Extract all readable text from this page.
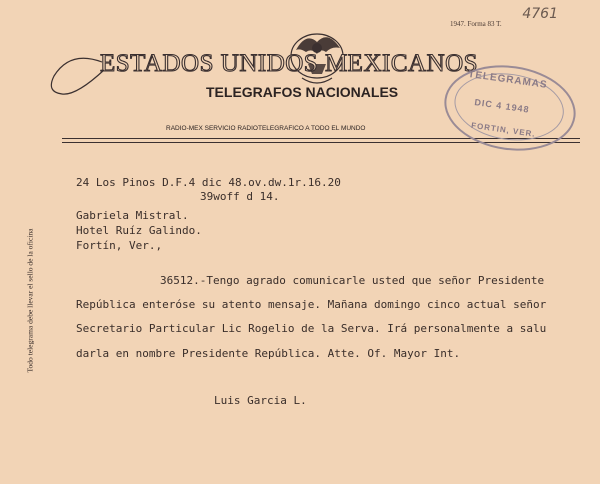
4761
1947. Forma 83 T.
ESTADOS UNIDOS MEXICANOS
TELEGRAFOS NACIONALES
RADIO-MEX SERVICIO RADIOTELEGRAFICO A TODO EL MUNDO
TELEGRAMAS
DIC 4 1948
FORTIN, VER.
Todo telegrama debe llevar el sello de la oficina
24 Los Pinos D.F.4 dic 48.ov.dw.1r.16.20
39woff d 14.
Gabriela Mistral.
Hotel Ruíz Galindo.
Fortín, Ver.,
36512.-Tengo agrado comunicarle usted que señor Presidente
República enteróse su atento mensaje. Mañana domingo cinco actual señor
Secretario Particular Lic Rogelio de la Serva. Irá personalmente a salu
darla en nombre Presidente República. Atte. Of. Mayor Int.
Luis Garcia L.
